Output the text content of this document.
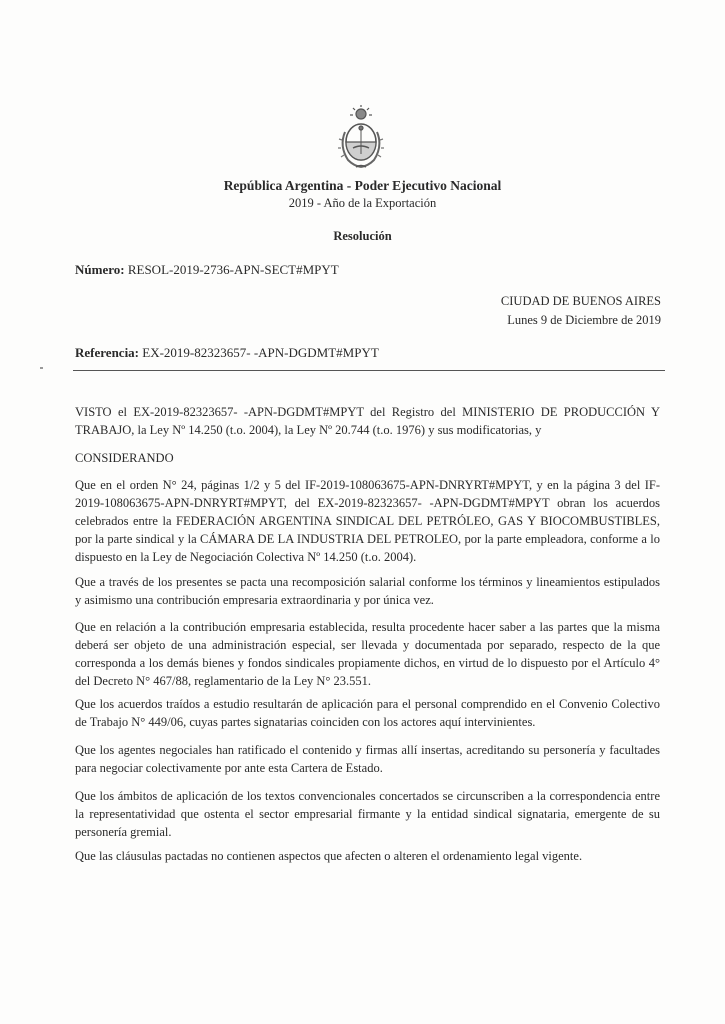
República Argentina - Poder Ejecutivo Nacional
2019 - Año de la Exportación
Resolución
Número: RESOL-2019-2736-APN-SECT#MPYT
CIUDAD DE BUENOS AIRES
Lunes 9 de Diciembre de 2019
Referencia: EX-2019-82323657- -APN-DGDMT#MPYT
VISTO el EX-2019-82323657- -APN-DGDMT#MPYT del Registro del MINISTERIO DE PRODUCCIÓN Y TRABAJO, la Ley Nº 14.250 (t.o. 2004), la Ley Nº 20.744 (t.o. 1976) y sus modificatorias, y
CONSIDERANDO
Que en el orden N° 24, páginas 1/2 y 5 del IF-2019-108063675-APN-DNRYRT#MPYT, y en la página 3 del IF-2019-108063675-APN-DNRYRT#MPYT, del EX-2019-82323657- -APN-DGDMT#MPYT obran los acuerdos celebrados entre la FEDERACIÓN ARGENTINA SINDICAL DEL PETRÓLEO, GAS Y BIOCOMBUSTIBLES, por la parte sindical y la CÁMARA DE LA INDUSTRIA DEL PETROLEO, por la parte empleadora, conforme a lo dispuesto en la Ley de Negociación Colectiva Nº 14.250 (t.o. 2004).
Que a través de los presentes se pacta una recomposición salarial conforme los términos y lineamientos estipulados y asimismo una contribución empresaria extraordinaria y por única vez.
Que en relación a la contribución empresaria establecida, resulta procedente hacer saber a las partes que la misma deberá ser objeto de una administración especial, ser llevada y documentada por separado, respecto de la que corresponda a los demás bienes y fondos sindicales propiamente dichos, en virtud de lo dispuesto por el Artículo 4° del Decreto N° 467/88, reglamentario de la Ley N° 23.551.
Que los acuerdos traídos a estudio resultarán de aplicación para el personal comprendido en el Convenio Colectivo de Trabajo N° 449/06, cuyas partes signatarias coinciden con los actores aquí intervinientes.
Que los agentes negociales han ratificado el contenido y firmas allí insertas, acreditando su personería y facultades para negociar colectivamente por ante esta Cartera de Estado.
Que los ámbitos de aplicación de los textos convencionales concertados se circunscriben a la correspondencia entre la representatividad que ostenta el sector empresarial firmante y la entidad sindical signataria, emergente de su personería gremial.
Que las cláusulas pactadas no contienen aspectos que afecten o alteren el ordenamiento legal vigente.
